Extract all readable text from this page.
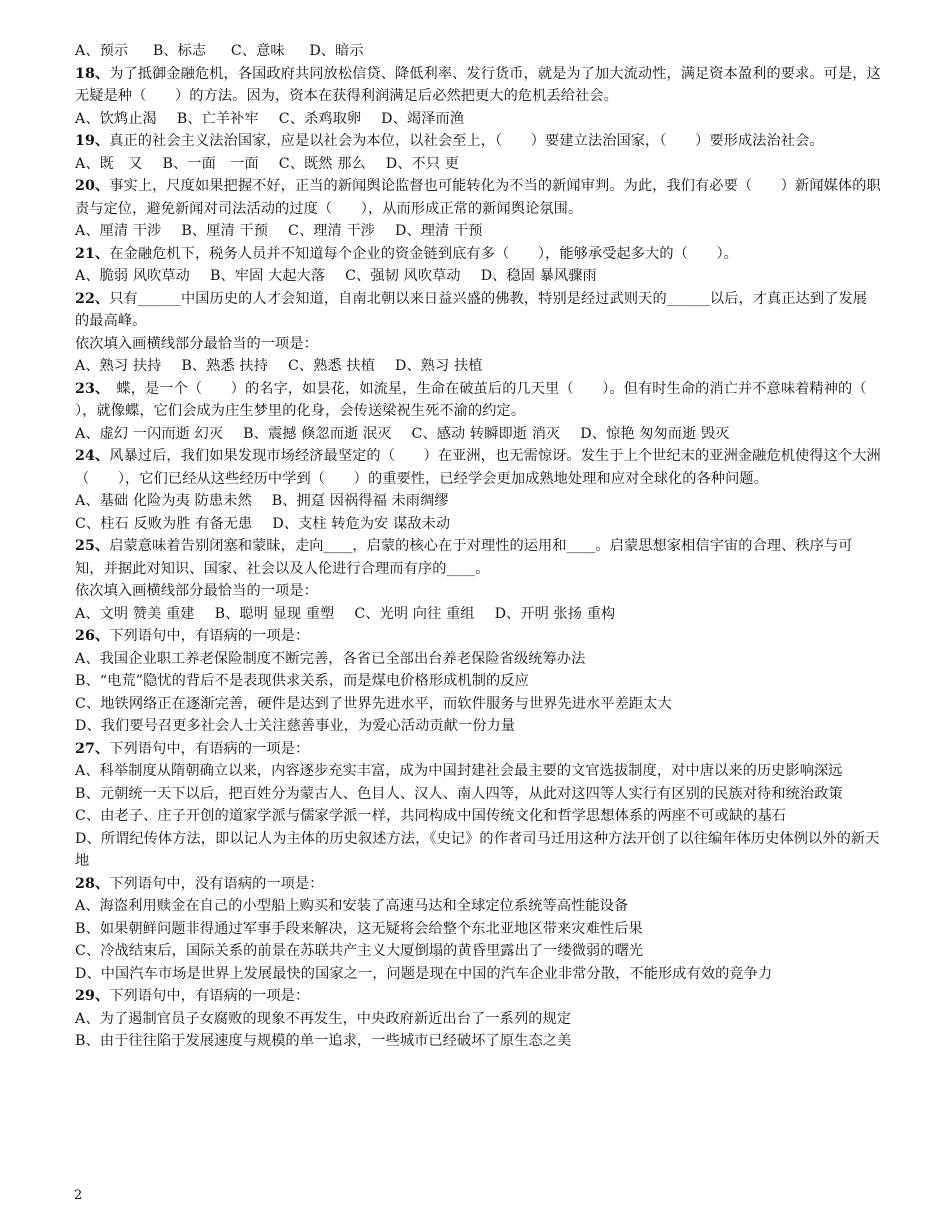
A、预示 B、标志 C、意味 D、暗示
18、为了抵御金融危机，各国政府共同放松信贷、降低利率、发行货币，就是为了加大流动性，满足资本盈利的要求。可是，这无疑是种（　　）的方法。因为，资本在获得利润满足后必然把更大的危机丢给社会。
A、饮鸩止渴 B、亡羊补牢 C、杀鸡取卵 D、竭泽而渔
19、真正的社会主义法治国家，应是以社会为本位，以社会至上，（　　）要建立法治国家，（　　）要形成法治社会。
A、既　又 B、一面　一面 C、既然 那么 D、不只 更
20、事实上，尺度如果把握不好，正当的新闻舆论监督也可能转化为不当的新闻审判。为此，我们有必要（　　）新闻媒体的职责与定位，避免新闻对司法活动的过度（　　），从而形成正常的新闻舆论氛围。
A、厘清 干涉 B、厘清 干预 C、理清 干涉 D、理清 干预
21、在金融危机下，税务人员并不知道每个企业的资金链到底有多（　　），能够承受起多大的（　　）。
A、脆弱 风吹草动 B、牢固 大起大落 C、强韧 风吹草动 D、稳固 暴风骤雨
22、只有______中国历史的人才会知道，自南北朝以来日益兴盛的佛教，特别是经过武则天的______以后，才真正达到了发展的最高峰。
依次填入画横线部分最恰当的一项是：
A、熟习 扶持 B、熟悉 扶持 C、熟悉 扶植 D、熟习 扶植
23、　蝶，是一个（　　）的名字，如昙花，如流星，生命在破茧后的几天里（　　）。但有时生命的消亡并不意味着精神的（　　），就像蝶，它们会成为庄生梦里的化身，会传送梁祝生死不渝的约定。
A、虚幻 一闪而逝 幻灭 B、震撼 倏忽而逝 泯灭 C、感动 转瞬即逝 消灭 D、惊艳 匆匆而逝 毁灭
24、风暴过后，我们如果发现市场经济最坚定的（　　）在亚洲，也无需惊讶。发生于上个世纪末的亚洲金融危机使得这个大洲（　　），它们已经从这些经历中学到（　　）的重要性，已经学会更加成熟地处理和应对全球化的各种问题。
A、基础 化险为夷 防患未然 B、拥趸 因祸得福 未雨绸缪
C、柱石 反败为胜 有备无患 D、支柱 转危为安 谋敌未动
25、启蒙意味着告别闭塞和蒙昧，走向____，启蒙的核心在于对理性的运用和____。启蒙思想家相信宇宙的合理、秩序与可知，并据此对知识、国家、社会以及人伦进行合理而有序的____。
依次填入画横线部分最恰当的一项是：
A、文明 赞美 重建 B、聪明 显现 重塑 C、光明 向往 重组 D、开明 张扬 重构
26、下列语句中，有语病的一项是：
A、我国企业职工养老保险制度不断完善，各省已全部出台养老保险省级统筹办法
B、“电荒”隐忧的背后不是表现供求关系，而是煤电价格形成机制的反应
C、地铁网络正在逐渐完善，硬件是达到了世界先进水平，而软件服务与世界先进水平差距太大
D、我们要号召更多社会人士关注慈善事业，为爱心活动贡献一份力量
27、下列语句中，有语病的一项是：
A、科举制度从隋朝确立以来，内容逐步充实丰富，成为中国封建社会最主要的文官选拔制度，对中唐以来的历史影响深远
B、元朝统一天下以后，把百姓分为蒙古人、色目人、汉人、南人四等，从此对这四等人实行有区别的民族对待和统治政策
C、由老子、庄子开创的道家学派与儒家学派一样，共同构成中国传统文化和哲学思想体系的两座不可或缺的基石
D、所谓纪传体方法，即以记人为主体的历史叙述方法，《史记》的作者司马迁用这种方法开创了以往编年体历史体例以外的新天地
28、下列语句中，没有语病的一项是：
A、海盗利用赎金在自己的小型船上购买和安装了高速马达和全球定位系统等高性能设备
B、如果朝鲜问题非得通过军事手段来解决，这无疑将会给整个东北亚地区带来灾难性后果
C、冷战结束后，国际关系的前景在苏联共产主义大厦倒塌的黄昏里露出了一缕微弱的曙光
D、中国汽车市场是世界上发展最快的国家之一，问题是现在中国的汽车企业非常分散，不能形成有效的竞争力
29、下列语句中，有语病的一项是：
A、为了遏制官员子女腐败的现象不再发生，中央政府新近出台了一系列的规定
B、由于往往陷于发展速度与规模的单一追求，一些城市已经破坏了原生态之美
2
